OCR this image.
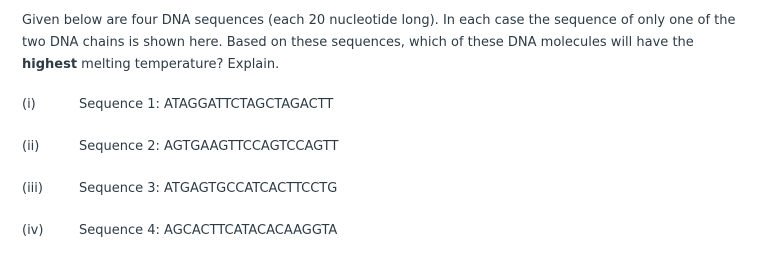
Given below are four DNA sequences (each 20 nucleotide long). In each case the sequence of only one of the two DNA chains is shown here. Based on these sequences, which of these DNA molecules will have the highest melting temperature? Explain.

(i)	Sequence 1: ATAGGATTCTAGCTAGACTT
(ii)	Sequence 2: AGTGAAGTTCCAGTCCAGTT
(iii)	Sequence 3: ATGAGTGCCATCACTTCCTG
(iv)	Sequence 4: AGCACTTCATACACAAGGTA
